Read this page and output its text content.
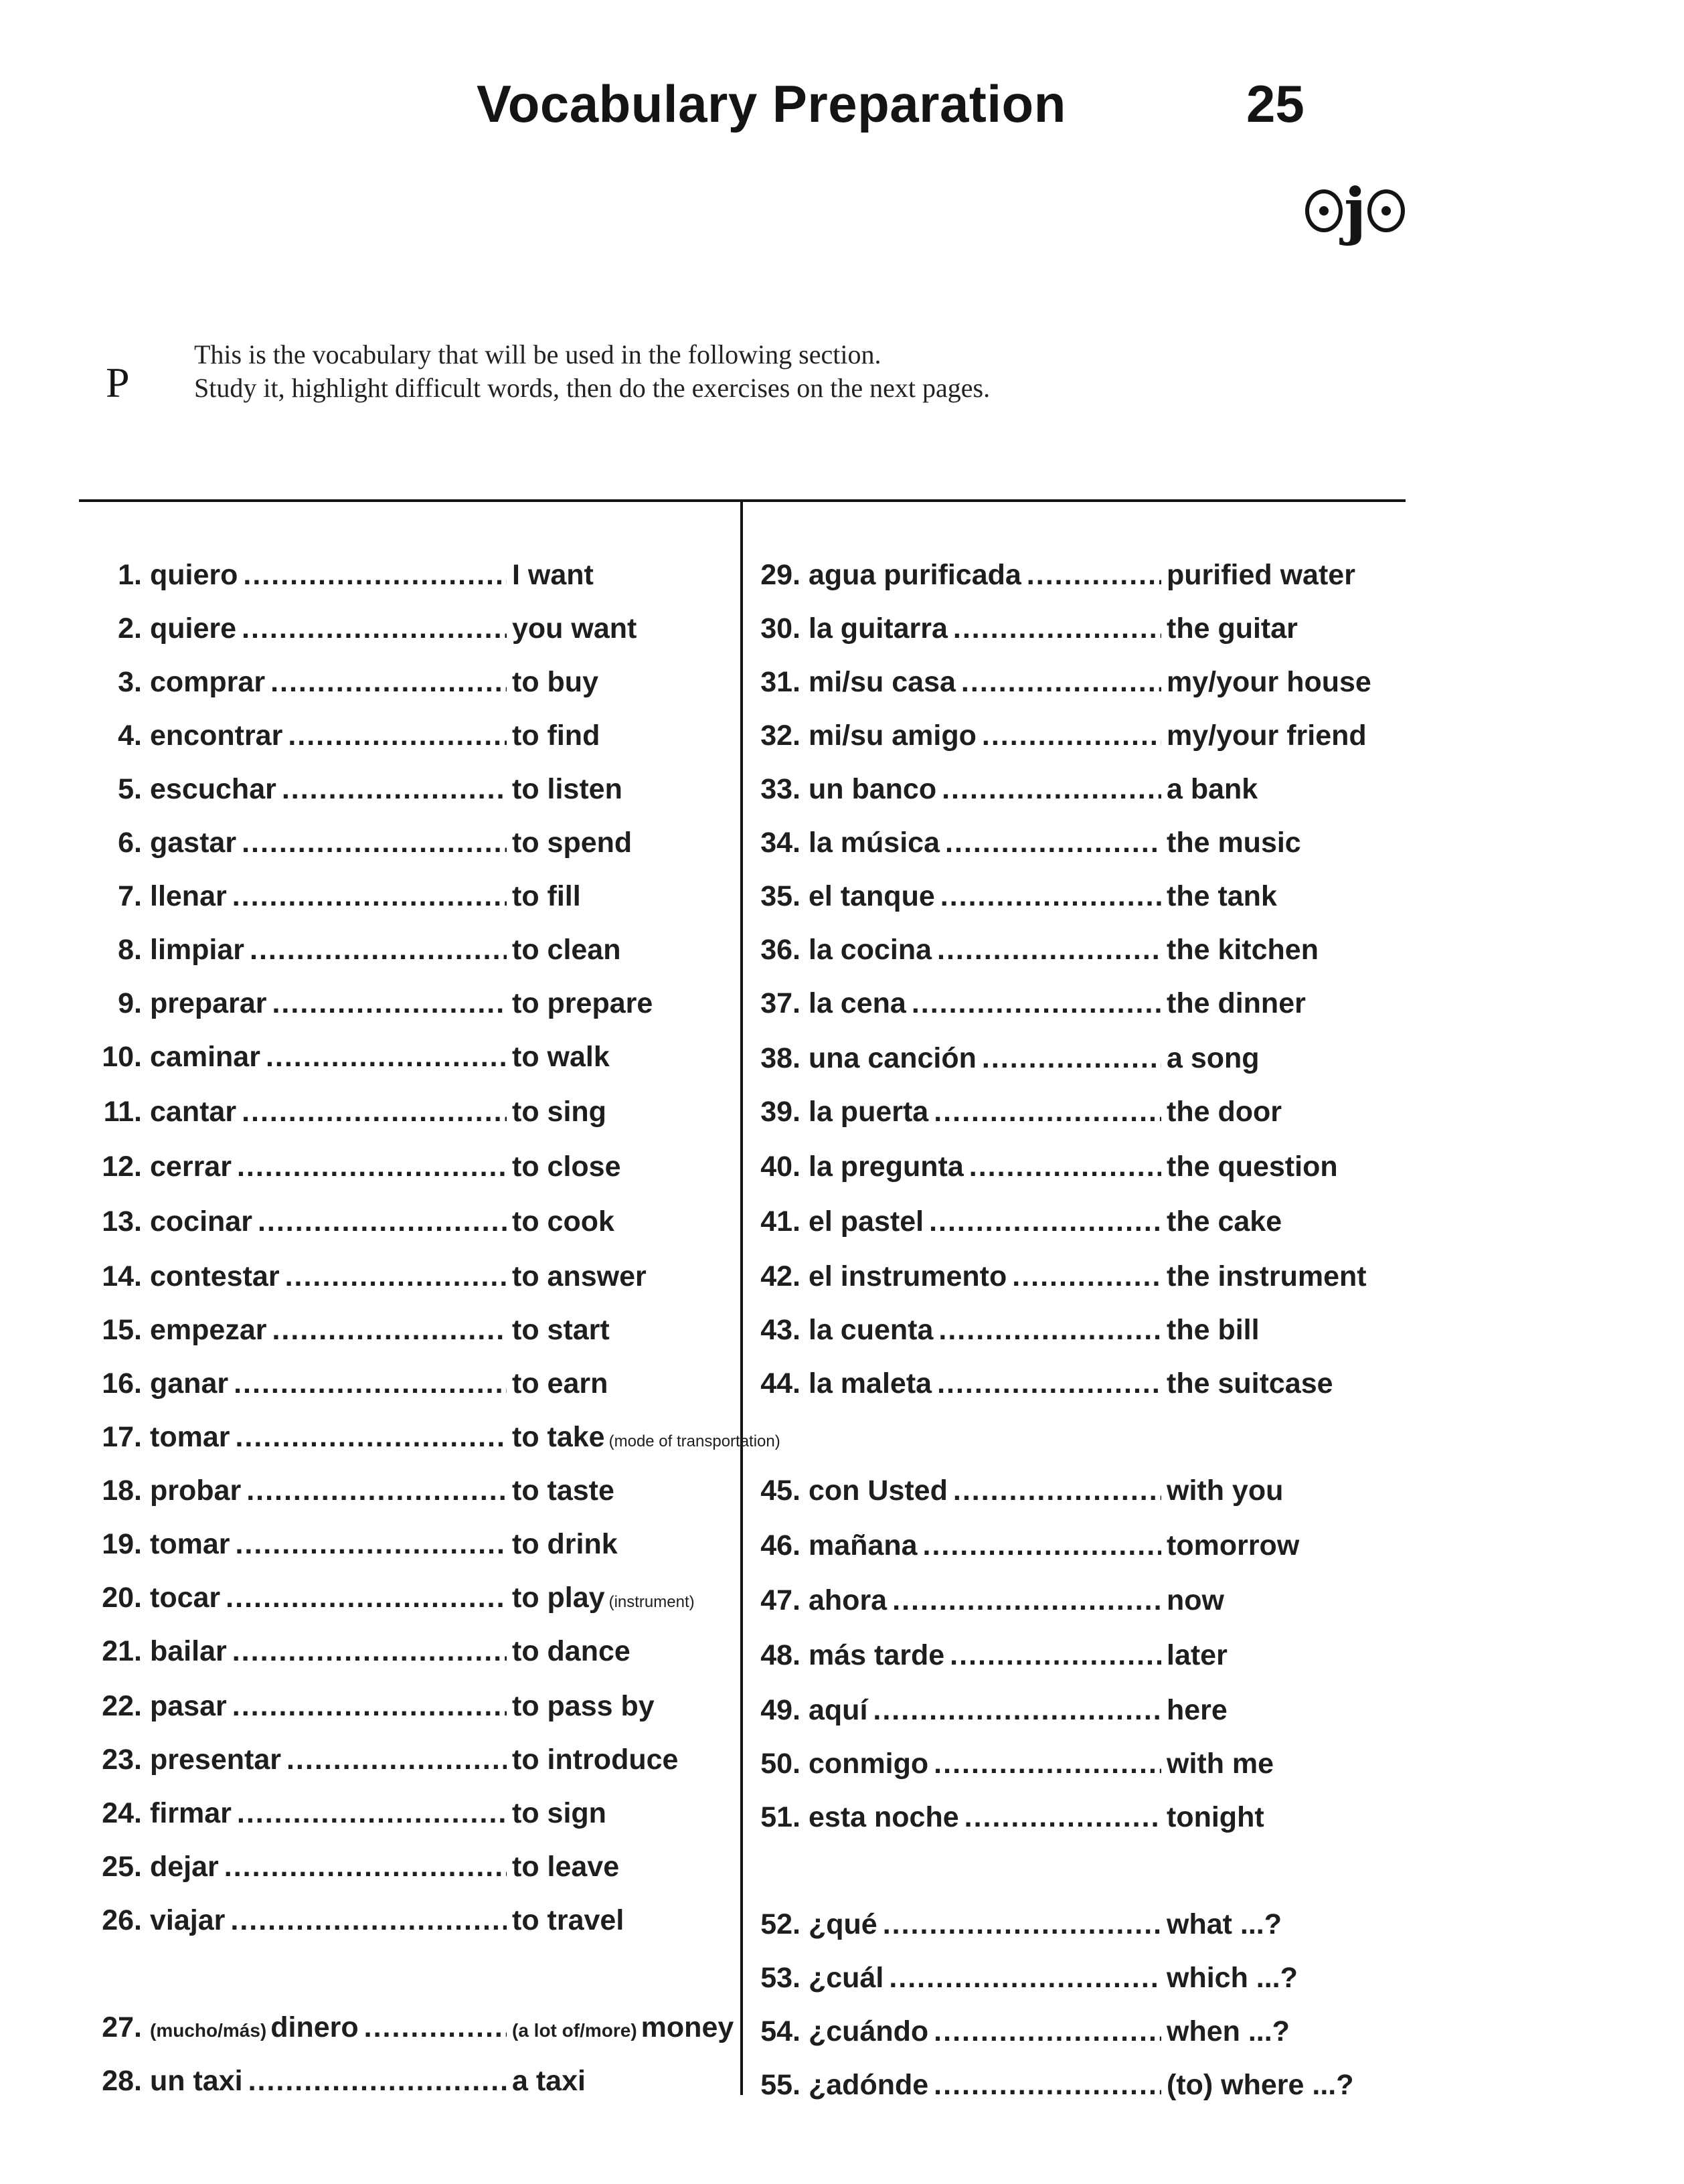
Vocabulary Preparation	25
j
P
This is the vocabulary that will be used in the following section.
Study it, highlight difficult words, then do the exercises on the next pages.
1. quiero .....	I want
2. quiere .....	you want
3. comprar .....	to buy
4. encontrar .....	to find
5. escuchar .....	to listen
6. gastar .....	to spend
7. llenar .....	to fill
8. limpiar .....	to clean
9. preparar .....	to prepare
10. caminar .....	to walk
11. cantar .....	to sing
12. cerrar .....	to close
13. cocinar .....	to cook
14. contestar .....	to answer
15. empezar .....	to start
16. ganar .....	to earn
17. tomar .....	to take (mode of transportation)
18. probar .....	to taste
19. tomar .....	to drink
20. tocar .....	to play (instrument)
21. bailar .....	to dance
22. pasar .....	to pass by
23. presentar .....	to introduce
24. firmar .....	to sign
25. dejar .....	to leave
26. viajar .....	to travel
27. (mucho/más) dinero .....	(a lot of/more) money
28. un taxi .....	a taxi
29. agua purificada .....	purified water
30. la guitarra .....	the guitar
31. mi/su casa .....	my/your house
32. mi/su amigo .....	my/your friend
33. un banco .....	a bank
34. la música .....	the music
35. el tanque .....	the tank
36. la cocina .....	the kitchen
37. la cena .....	the dinner
38. una canción .....	a song
39. la puerta .....	the door
40. la pregunta .....	the question
41. el pastel .....	the cake
42. el instrumento .....	the instrument
43. la cuenta .....	the bill
44. la maleta .....	the suitcase
45. con Usted .....	with you
46. mañana .....	tomorrow
47. ahora .....	now
48. más tarde .....	later
49. aquí .....	here
50. conmigo .....	with me
51. esta noche .....	tonight
52. ¿qué .....	what ...?
53. ¿cuál .....	which ...?
54. ¿cuándo .....	when ...?
55. ¿adónde .....	(to) where ...?
